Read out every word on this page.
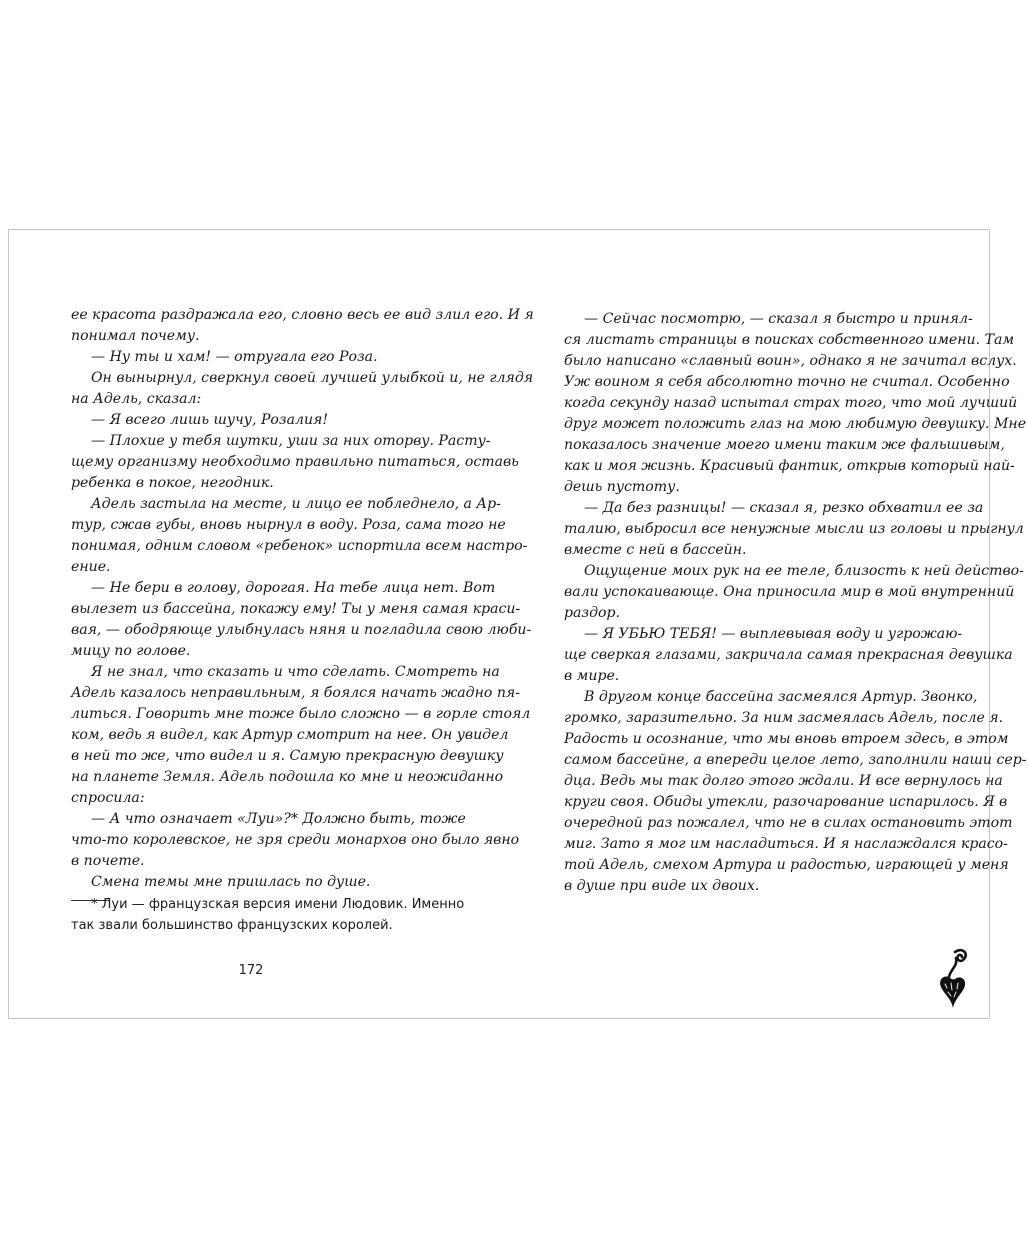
ее красота раздражала его, словно весь ее вид злил его. И я
понимал почему.
— Ну ты и хам! — отругала его Роза.
Он вынырнул, сверкнул своей лучшей улыбкой и, не глядя
на Адель, сказал:
— Я всего лишь шучу, Розалия!
— Плохие у тебя шутки, уши за них оторву. Расту-
щему организму необходимо правильно питаться, оставь
ребенка в покое, негодник.
Адель застыла на месте, и лицо ее побледнело, а Ар-
тур, сжав губы, вновь нырнул в воду. Роза, сама того не
понимая, одним словом «ребенок» испортила всем настро-
ение.
— Не бери в голову, дорогая. На тебе лица нет. Вот
вылезет из бассейна, покажу ему! Ты у меня самая краси-
вая, — ободряюще улыбнулась няня и погладила свою люби-
мицу по голове.
Я не знал, что сказать и что сделать. Смотреть на
Адель казалось неправильным, я боялся начать жадно пя-
литься. Говорить мне тоже было сложно — в горле стоял
ком, ведь я видел, как Артур смотрит на нее. Он увидел
в ней то же, что видел и я. Самую прекрасную девушку
на планете Земля. Адель подошла ко мне и неожиданно
спросила:
— А что означает «Луи»?* Должно быть, тоже
что-то королевское, не зря среди монархов оно было явно
в почете.
Смена темы мне пришлась по душе.
* Луи — французская версия имени Людовик. Именно
так звали большинство французских королей.
172
— Сейчас посмотрю, — сказал я быстро и принял-
ся листать страницы в поисках собственного имени. Там
было написано «славный воин», однако я не зачитал вслух.
Уж воином я себя абсолютно точно не считал. Особенно
когда секунду назад испытал страх того, что мой лучший
друг может положить глаз на мою любимую девушку. Мне
показалось значение моего имени таким же фальшивым,
как и моя жизнь. Красивый фантик, открыв который най-
дешь пустоту.
— Да без разницы! — сказал я, резко обхватил ее за
талию, выбросил все ненужные мысли из головы и прыгнул
вместе с ней в бассейн.
Ощущение моих рук на ее теле, близость к ней действо-
вали успокаивающе. Она приносила мир в мой внутренний
раздор.
— Я УБЬЮ ТЕБЯ! — выплевывая воду и угрожаю-
ще сверкая глазами, закричала самая прекрасная девушка
в мире.
В другом конце бассейна засмеялся Артур. Звонко,
громко, заразительно. За ним засмеялась Адель, после я.
Радость и осознание, что мы вновь втроем здесь, в этом
самом бассейне, а впереди целое лето, заполнили наши сер-
дца. Ведь мы так долго этого ждали. И все вернулось на
круги своя. Обиды утекли, разочарование испарилось. Я в
очередной раз пожалел, что не в силах остановить этот
миг. Зато я мог им насладиться. И я наслаждался красо-
той Адель, смехом Артура и радостью, играющей у меня
в душе при виде их двоих.
